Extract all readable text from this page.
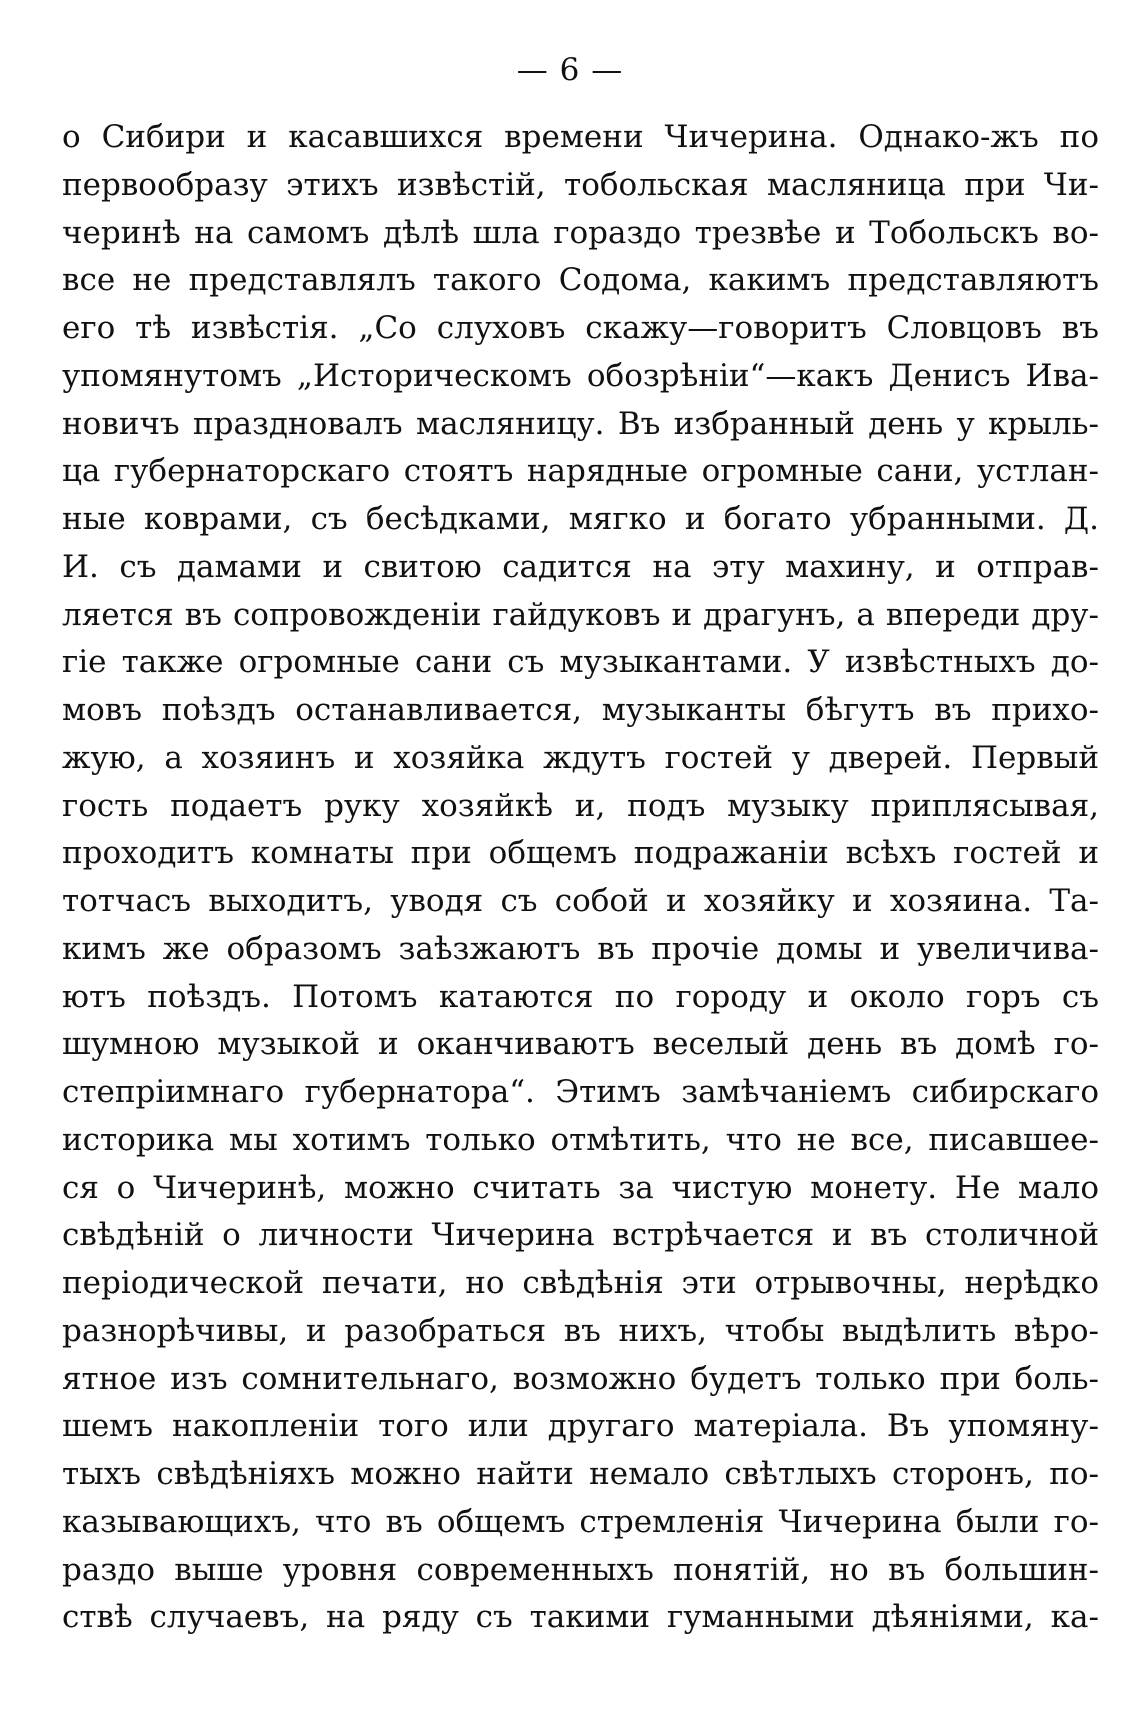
— 6 —
о Сибири и касавшихся времени Чичерина. Однако-жъ по
первообразу этихъ извѣстій, тобольская масляница при Чи-
черинѣ на самомъ дѣлѣ шла гораздо трезвѣе и Тобольскъ во-
все не представлялъ такого Содома, какимъ представляютъ
его тѣ извѣстія. „Со слуховъ скажу—говоритъ Словцовъ въ
упомянутомъ „Историческомъ обозрѣніи“—какъ Денисъ Ива-
новичъ праздновалъ масляницу. Въ избранный день у крыль-
ца губернаторскаго стоятъ нарядные огромные сани, устлан-
ные коврами, съ бесѣдками, мягко и богато убранными. Д.
И. съ дамами и свитою садится на эту махину, и отправ-
ляется въ сопровожденіи гайдуковъ и драгунъ, а впереди дру-
гіе также огромные сани съ музыкантами. У извѣстныхъ до-
мовъ поѣздъ останавливается, музыканты бѣгутъ въ прихо-
жую, а хозяинъ и хозяйка ждутъ гостей у дверей. Первый
гость подаетъ руку хозяйкѣ и, подъ музыку приплясывая,
проходитъ комнаты при общемъ подражаніи всѣхъ гостей и
тотчасъ выходитъ, уводя съ собой и хозяйку и хозяина. Та-
кимъ же образомъ заѣзжаютъ въ прочіе домы и увеличива-
ютъ поѣздъ. Потомъ катаются по городу и около горъ съ
шумною музыкой и оканчиваютъ веселый день въ домѣ го-
степріимнаго губернатора“. Этимъ замѣчаніемъ сибирскаго
историка мы хотимъ только отмѣтить, что не все, писавшее-
ся о Чичеринѣ, можно считать за чистую монету. Не мало
свѣдѣній о личности Чичерина встрѣчается и въ столичной
періодической печати, но свѣдѣнія эти отрывочны, нерѣдко
разнорѣчивы, и разобраться въ нихъ, чтобы выдѣлить вѣро-
ятное изъ сомнительнаго, возможно будетъ только при боль-
шемъ накопленіи того или другаго матеріала. Въ упомяну-
тыхъ свѣдѣніяхъ можно найти немало свѣтлыхъ сторонъ, по-
казывающихъ, что въ общемъ стремленія Чичерина были го-
раздо выше уровня современныхъ понятій, но въ большин-
ствѣ случаевъ, на ряду съ такими гуманными дѣяніями, ка-
